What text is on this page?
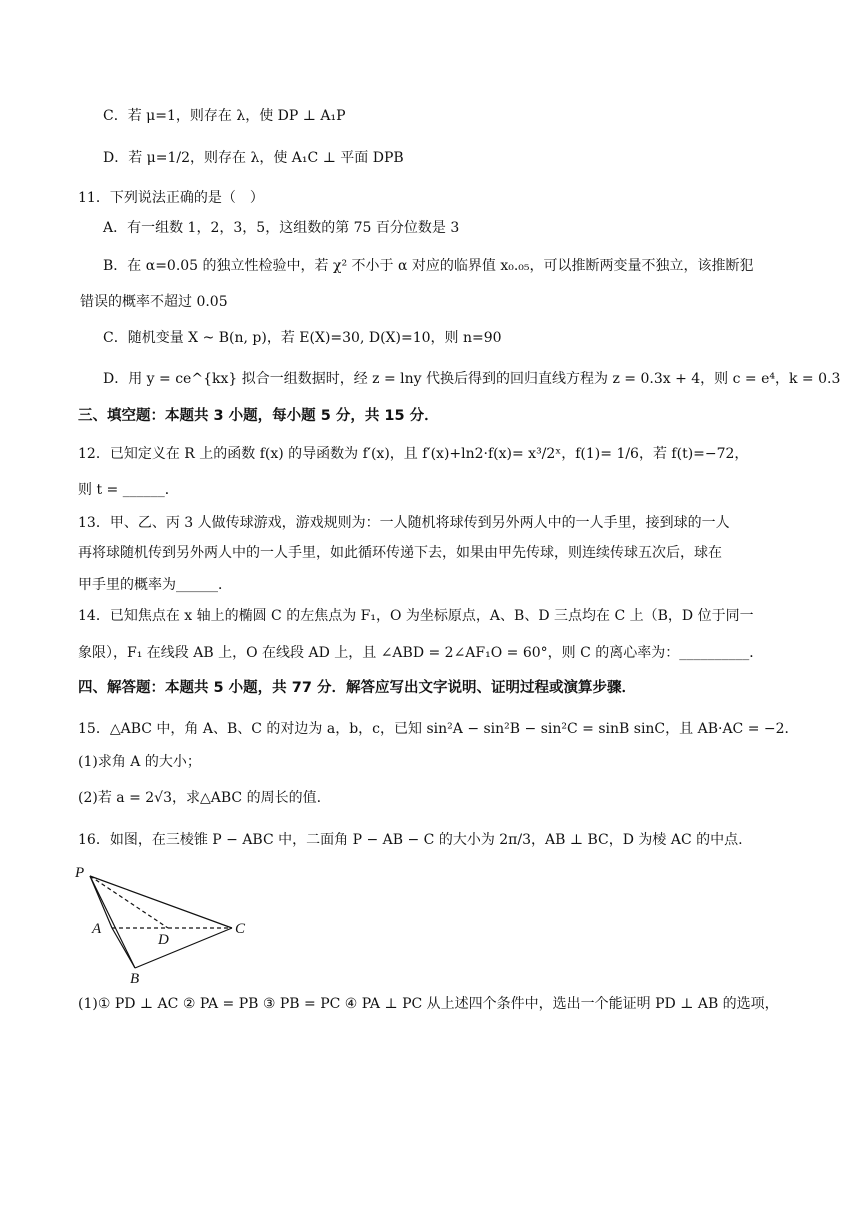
C．若 μ=1，则存在 λ，使 DP ⊥ A₁P
D．若 μ=1/2，则存在 λ，使 A₁C ⊥ 平面 DPB
11．下列说法正确的是（　）
A．有一组数 1，2，3，5，这组数的第 75 百分位数是 3
B．在 α=0.05 的独立性检验中，若 χ² 不小于 α 对应的临界值 x₀.₀₅，可以推断两变量不独立，该推断犯
错误的概率不超过 0.05
C．随机变量 X ~ B(n, p)，若 E(X)=30, D(X)=10，则 n=90
D．用 y = ce^{kx} 拟合一组数据时，经 z = lny 代换后得到的回归直线方程为 z = 0.3x + 4，则 c = e⁴，k = 0.3
三、填空题：本题共 3 小题，每小题 5 分，共 15 分．
12．已知定义在 R 上的函数 f(x) 的导函数为 f′(x)，且 f′(x)+ln2·f(x)= x³/2ˣ，f(1)= 1/6，若 f(t)=−72，
则 t = ______．
13．甲、乙、丙 3 人做传球游戏，游戏规则为：一人随机将球传到另外两人中的一人手里，接到球的一人
再将球随机传到另外两人中的一人手里，如此循环传递下去，如果由甲先传球，则连续传球五次后，球在
甲手里的概率为______．
14．已知焦点在 x 轴上的椭圆 C 的左焦点为 F₁，O 为坐标原点，A、B、D 三点均在 C 上（B，D 位于同一
象限），F₁ 在线段 AB 上，O 在线段 AD 上，且 ∠ABD = 2∠AF₁O = 60°，则 C 的离心率为：__________．
四、解答题：本题共 5 小题，共 77 分．解答应写出文字说明、证明过程或演算步骤．
15．△ABC 中，角 A、B、C 的对边为 a，b，c，已知 sin²A − sin²B − sin²C = sinB sinC，且 AB·AC = −2．
(1)求角 A 的大小；
(2)若 a = 2√3，求△ABC 的周长的值.
16．如图，在三棱锥 P − ABC 中，二面角 P − AB − C 的大小为 2π/3，AB ⊥ BC，D 为棱 AC 的中点.
(1)① PD ⊥ AC ② PA = PB ③ PB = PC ④ PA ⊥ PC 从上述四个条件中，选出一个能证明 PD ⊥ AB 的选项，
P
A
D
C
B
